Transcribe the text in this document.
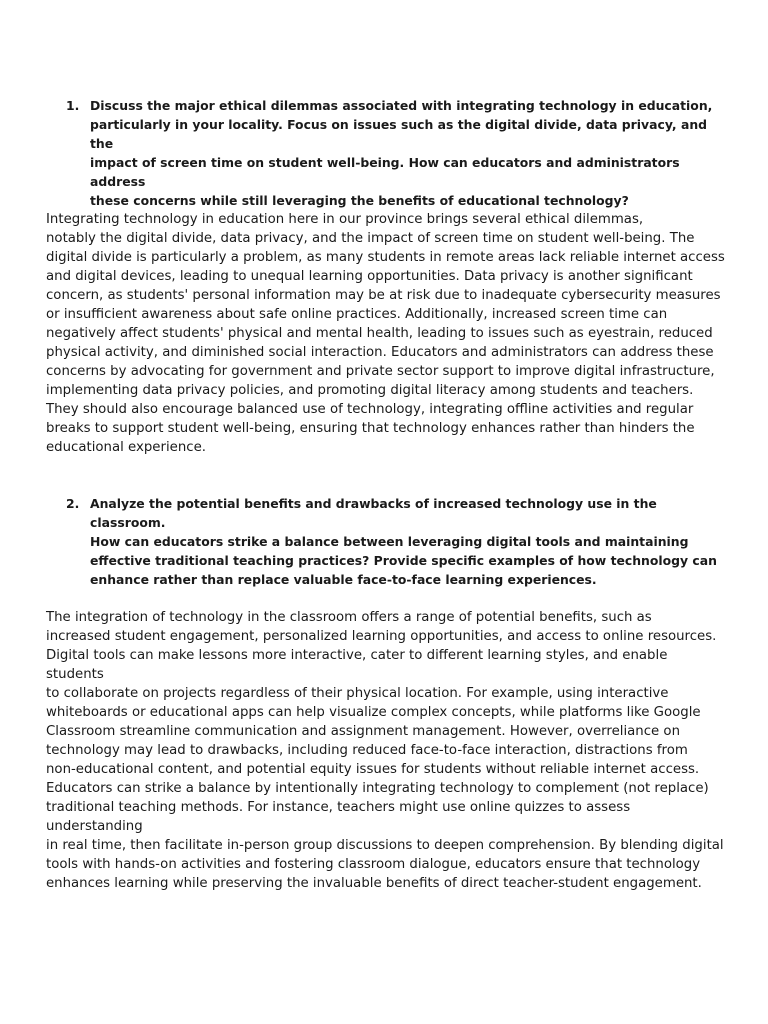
1. Discuss the major ethical dilemmas associated with integrating technology in education,
particularly in your locality. Focus on issues such as the digital divide, data privacy, and the
impact of screen time on student well-being. How can educators and administrators address
these concerns while still leveraging the benefits of educational technology?

Integrating technology in education here in our province brings several ethical dilemmas,
notably the digital divide, data privacy, and the impact of screen time on student well-being. The
digital divide is particularly a problem, as many students in remote areas lack reliable internet access
and digital devices, leading to unequal learning opportunities. Data privacy is another significant
concern, as students' personal information may be at risk due to inadequate cybersecurity measures
or insufficient awareness about safe online practices. Additionally, increased screen time can
negatively affect students' physical and mental health, leading to issues such as eyestrain, reduced
physical activity, and diminished social interaction. Educators and administrators can address these
concerns by advocating for government and private sector support to improve digital infrastructure,
implementing data privacy policies, and promoting digital literacy among students and teachers.
They should also encourage balanced use of technology, integrating offline activities and regular
breaks to support student well-being, ensuring that technology enhances rather than hinders the
educational experience.

2. Analyze the potential benefits and drawbacks of increased technology use in the classroom.
How can educators strike a balance between leveraging digital tools and maintaining
effective traditional teaching practices? Provide specific examples of how technology can
enhance rather than replace valuable face-to-face learning experiences.

The integration of technology in the classroom offers a range of potential benefits, such as
increased student engagement, personalized learning opportunities, and access to online resources.
Digital tools can make lessons more interactive, cater to different learning styles, and enable students
to collaborate on projects regardless of their physical location. For example, using interactive
whiteboards or educational apps can help visualize complex concepts, while platforms like Google
Classroom streamline communication and assignment management. However, overreliance on
technology may lead to drawbacks, including reduced face-to-face interaction, distractions from
non-educational content, and potential equity issues for students without reliable internet access.
Educators can strike a balance by intentionally integrating technology to complement (not replace)
traditional teaching methods. For instance, teachers might use online quizzes to assess understanding
in real time, then facilitate in-person group discussions to deepen comprehension. By blending digital
tools with hands-on activities and fostering classroom dialogue, educators ensure that technology
enhances learning while preserving the invaluable benefits of direct teacher-student engagement.
